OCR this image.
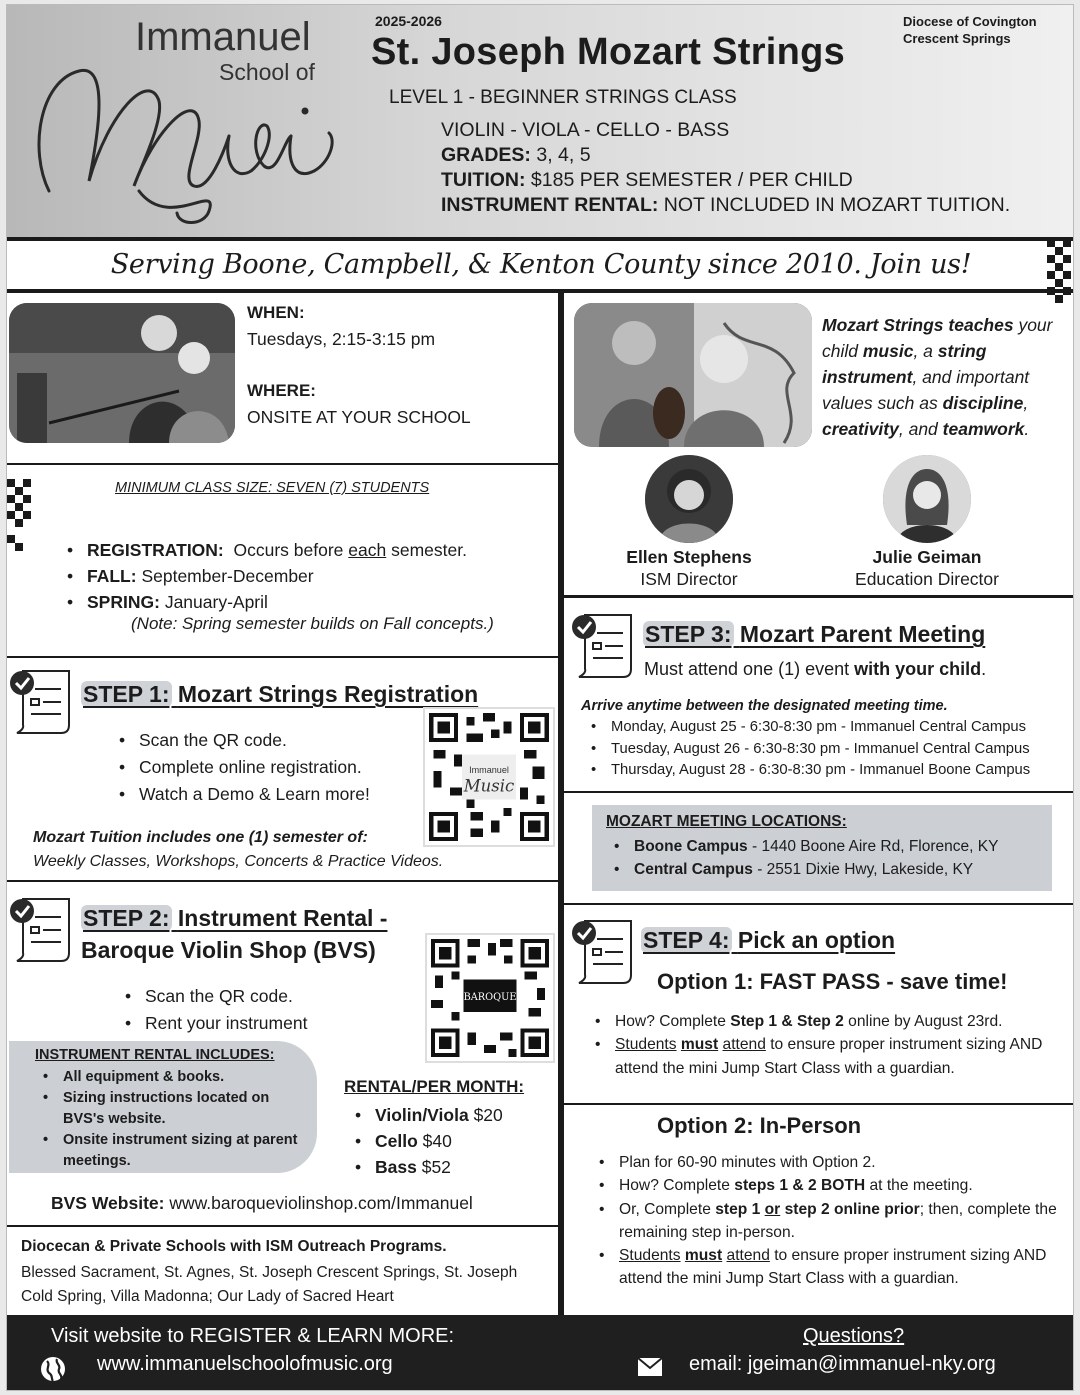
Immanuel
School of
2025-2026
St. Joseph Mozart Strings
Diocese of Covington
Crescent Springs
LEVEL 1 - BEGINNER STRINGS CLASS
VIOLIN - VIOLA - CELLO - BASS
GRADES: 3, 4, 5
TUITION: $185 PER SEMESTER / PER CHILD
INSTRUMENT RENTAL: NOT INCLUDED IN MOZART TUITION.
Serving Boone, Campbell, & Kenton County since 2010. Join us!
WHEN:
Tuesdays, 2:15-3:15 pm
WHERE:
ONSITE AT YOUR SCHOOL
MINIMUM CLASS SIZE: SEVEN (7) STUDENTS
• REGISTRATION: Occurs before each semester.
• FALL: September-December
• SPRING: January-April
(Note: Spring semester builds on Fall concepts.)
STEP 1: Mozart Strings Registration
• Scan the QR code.
• Complete online registration.
• Watch a Demo & Learn more!
Immanuel
Music
Mozart Tuition includes one (1) semester of:
Weekly Classes, Workshops, Concerts & Practice Videos.
STEP 2: Instrument Rental -
Baroque Violin Shop (BVS)
• Scan the QR code.
• Rent your instrument
BAROQUE
INSTRUMENT RENTAL INCLUDES:
• All equipment & books.
• Sizing instructions located on BVS's website.
• Onsite instrument sizing at parent meetings.
RENTAL/PER MONTH:
• Violin/Viola $20
• Cello $40
• Bass $52
BVS Website: www.baroqueviolinshop.com/Immanuel
Diocecan & Private Schools with ISM Outreach Programs.
Blessed Sacrament, St. Agnes, St. Joseph Crescent Springs, St. Joseph Cold Spring, Villa Madonna; Our Lady of Sacred Heart
Mozart Strings teaches your child music, a string instrument, and important values such as discipline, creativity, and teamwork.
Ellen Stephens
ISM Director
Julie Geiman
Education Director
STEP 3: Mozart Parent Meeting
Must attend one (1) event with your child.
Arrive anytime between the designated meeting time.
• Monday, August 25 - 6:30-8:30 pm - Immanuel Central Campus
• Tuesday, August 26 - 6:30-8:30 pm - Immanuel Central Campus
• Thursday, August 28 - 6:30-8:30 pm - Immanuel Boone Campus
MOZART MEETING LOCATIONS:
• Boone Campus - 1440 Boone Aire Rd, Florence, KY
• Central Campus - 2551 Dixie Hwy, Lakeside, KY
STEP 4: Pick an option
Option 1: FAST PASS - save time!
• How? Complete Step 1 & Step 2 online by August 23rd.
• Students must attend to ensure proper instrument sizing AND attend the mini Jump Start Class with a guardian.
Option 2: In-Person
• Plan for 60-90 minutes with Option 2.
• How? Complete steps 1 & 2 BOTH at the meeting.
• Or, Complete step 1 or step 2 online prior; then, complete the remaining step in-person.
• Students must attend to ensure proper instrument sizing AND attend the mini Jump Start Class with a guardian.
Visit website to REGISTER & LEARN MORE:
www.immanuelschoolofmusic.org
Questions?
email: jgeiman@immanuel-nky.org
